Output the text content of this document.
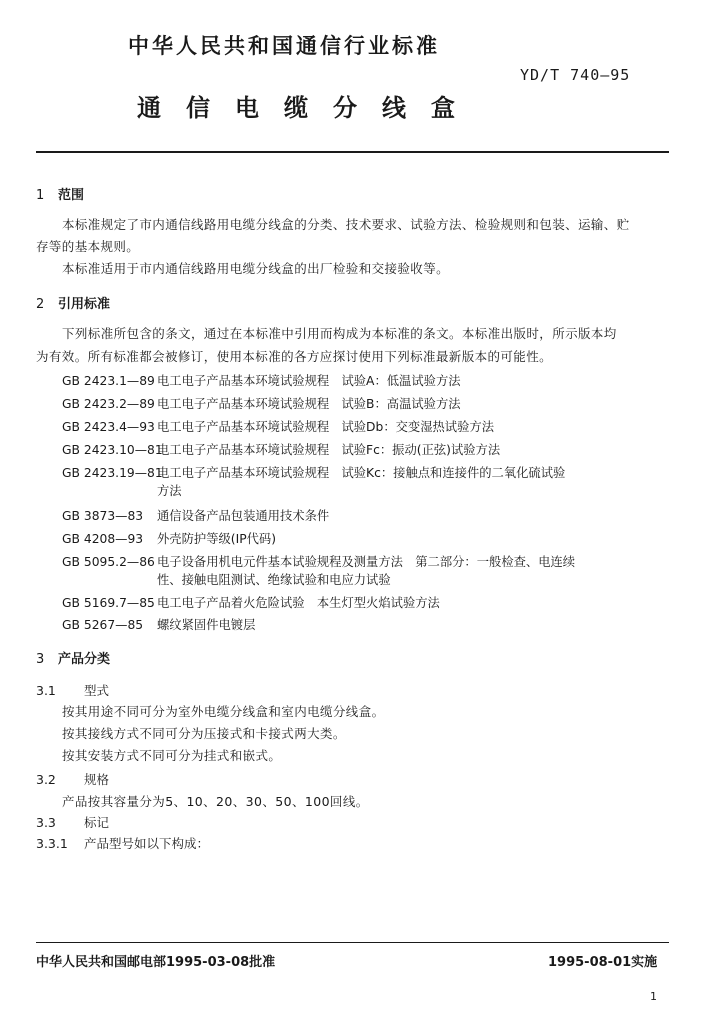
中华人民共和国通信行业标准
YD/T 740—95
通信电缆分线盒
1 范围
本标准规定了市内通信线路用电缆分线盒的分类、技术要求、试验方法、检验规则和包装、运输、贮
存等的基本规则。
本标准适用于市内通信线路用电缆分线盒的出厂检验和交接验收等。
2 引用标准
下列标准所包含的条文，通过在本标准中引用而构成为本标准的条文。本标准出版时，所示版本均
为有效。所有标准都会被修订，使用本标准的各方应探讨使用下列标准最新版本的可能性。
GB 2423.1—89 电工电子产品基本环境试验规程　试验A：低温试验方法
GB 2423.2—89 电工电子产品基本环境试验规程　试验B：高温试验方法
GB 2423.4—93 电工电子产品基本环境试验规程　试验Db：交变湿热试验方法
GB 2423.10—81电工电子产品基本环境试验规程　试验Fc：振动(正弦)试验方法
GB 2423.19—81电工电子产品基本环境试验规程　试验Kc：接触点和连接件的二氧化硫试验
方法
GB 3873—83 通信设备产品包装通用技术条件
GB 4208—93 外壳防护等级(IP代码)
GB 5095.2—86 电子设备用机电元件基本试验规程及测量方法　第二部分：一般检查、电连续
性、接触电阻测试、绝缘试验和电应力试验
GB 5169.7—85 电工电子产品着火危险试验　本生灯型火焰试验方法
GB 5267—85 螺纹紧固件电镀层
3 产品分类
3.1 型式
按其用途不同可分为室外电缆分线盒和室内电缆分线盒。
按其接线方式不同可分为压接式和卡接式两大类。
按其安装方式不同可分为挂式和嵌式。
3.2 规格
产品按其容量分为5、10、20、30、50、100回线。
3.3 标记
3.3.1 产品型号如以下构成：
中华人民共和国邮电部1995-03-08批准	1995-08-01实施
1
